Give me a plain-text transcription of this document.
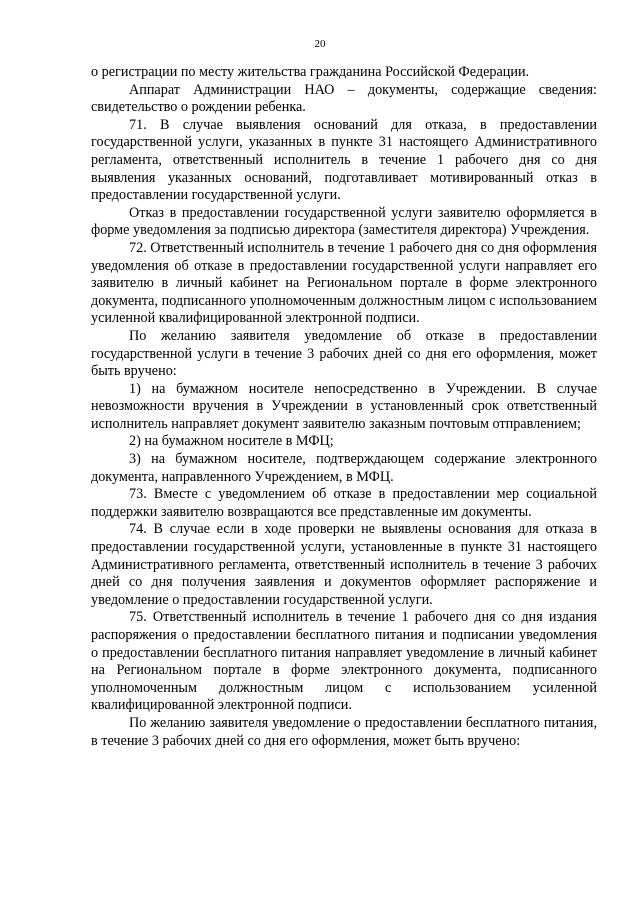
20

о регистрации по месту жительства гражданина Российской Федерации.

Аппарат Администрации НАО – документы, содержащие сведения: свидетельство о рождении ребенка.

71. В случае выявления оснований для отказа, в предоставлении государственной услуги, указанных в пункте 31 настоящего Административного регламента, ответственный исполнитель в течение 1 рабочего дня со дня выявления указанных оснований, подготавливает мотивированный отказ в предоставлении государственной услуги.

Отказ в предоставлении государственной услуги заявителю оформляется в форме уведомления за подписью директора (заместителя директора) Учреждения.

72. Ответственный исполнитель в течение 1 рабочего дня со дня оформления уведомления об отказе в предоставлении государственной услуги направляет его заявителю в личный кабинет на Региональном портале в форме электронного документа, подписанного уполномоченным должностным лицом с использованием усиленной квалифицированной электронной подписи.

По желанию заявителя уведомление об отказе в предоставлении государственной услуги в течение 3 рабочих дней со дня его оформления, может быть вручено:

1) на бумажном носителе непосредственно в Учреждении. В случае невозможности вручения в Учреждении в установленный срок ответственный исполнитель направляет документ заявителю заказным почтовым отправлением;

2) на бумажном носителе в МФЦ;

3) на бумажном носителе, подтверждающем содержание электронного документа, направленного Учреждением, в МФЦ.

73. Вместе с уведомлением об отказе в предоставлении мер социальной поддержки заявителю возвращаются все представленные им документы.

74. В случае если в ходе проверки не выявлены основания для отказа в предоставлении государственной услуги, установленные в пункте 31 настоящего Административного регламента, ответственный исполнитель в течение 3 рабочих дней со дня получения заявления и документов оформляет распоряжение и уведомление о предоставлении государственной услуги.

75. Ответственный исполнитель в течение 1 рабочего дня со дня издания распоряжения о предоставлении бесплатного питания и подписании уведомления о предоставлении бесплатного питания направляет уведомление в личный кабинет на Региональном портале в форме электронного документа, подписанного уполномоченным должностным лицом с использованием усиленной квалифицированной электронной подписи.

По желанию заявителя уведомление о предоставлении бесплатного питания, в течение 3 рабочих дней со дня его оформления, может быть вручено:
